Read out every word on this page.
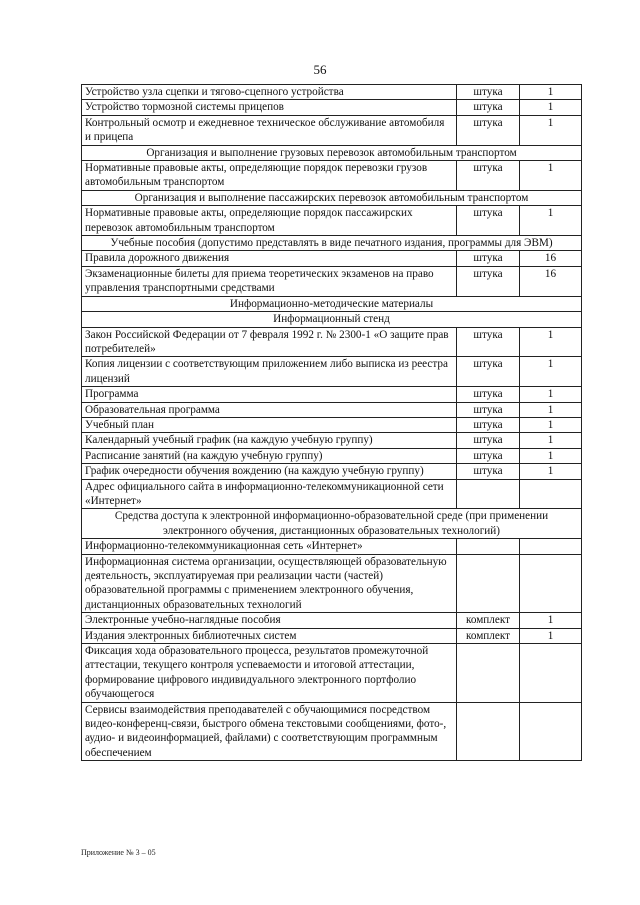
56
Устройство узла сцепки и тягово-сцепного устройства	штука	1
Устройство тормозной системы прицепов	штука	1
Контрольный осмотр и ежедневное техническое обслуживание автомобиля и прицепа	штука	1
Организация и выполнение грузовых перевозок автомобильным транспортом		
Нормативные правовые акты, определяющие порядок перевозки грузов автомобильным транспортом	штука	1
Организация и выполнение пассажирских перевозок автомобильным транспортом		
Нормативные правовые акты, определяющие порядок пассажирских перевозок автомобильным транспортом	штука	1
Учебные пособия (допустимо представлять в виде печатного издания, программы для ЭВМ)		
Правила дорожного движения	штука	16
Экзаменационные билеты для приема теоретических экзаменов на право управления транспортными средствами	штука	16
Информационно-методические материалы		
Информационный стенд		
Закон Российской Федерации от 7 февраля 1992 г. № 2300-1 «О защите прав потребителей»	штука	1
Копия лицензии с соответствующим приложением либо выписка из реестра лицензий	штука	1
Программа	штука	1
Образовательная программа	штука	1
Учебный план	штука	1
Календарный учебный график (на каждую учебную группу)	штука	1
Расписание занятий (на каждую учебную группу)	штука	1
График очередности обучения вождению (на каждую учебную группу)	штука	1
Адрес официального сайта в информационно-телекоммуникационной сети «Интернет»		
Средства доступа к электронной информационно-образовательной среде (при применении электронного обучения, дистанционных образовательных технологий)		
Информационно-телекоммуникационная сеть «Интернет»		
Информационная система организации, осуществляющей образовательную деятельность, эксплуатируемая при реализации части (частей) образовательной программы с применением электронного обучения, дистанционных образовательных технологий		
Электронные учебно-наглядные пособия	комплект	1
Издания электронных библиотечных систем	комплект	1
Фиксация хода образовательного процесса, результатов промежуточной аттестации, текущего контроля успеваемости и итоговой аттестации, формирование цифрового индивидуального электронного портфолио обучающегося		
Сервисы взаимодействия преподавателей с обучающимися посредством видео-конференц-связи, быстрого обмена текстовыми сообщениями, фото-, аудио- и видеоинформацией, файлами) с соответствующим программным обеспечением		
Приложение № 3 – 05
